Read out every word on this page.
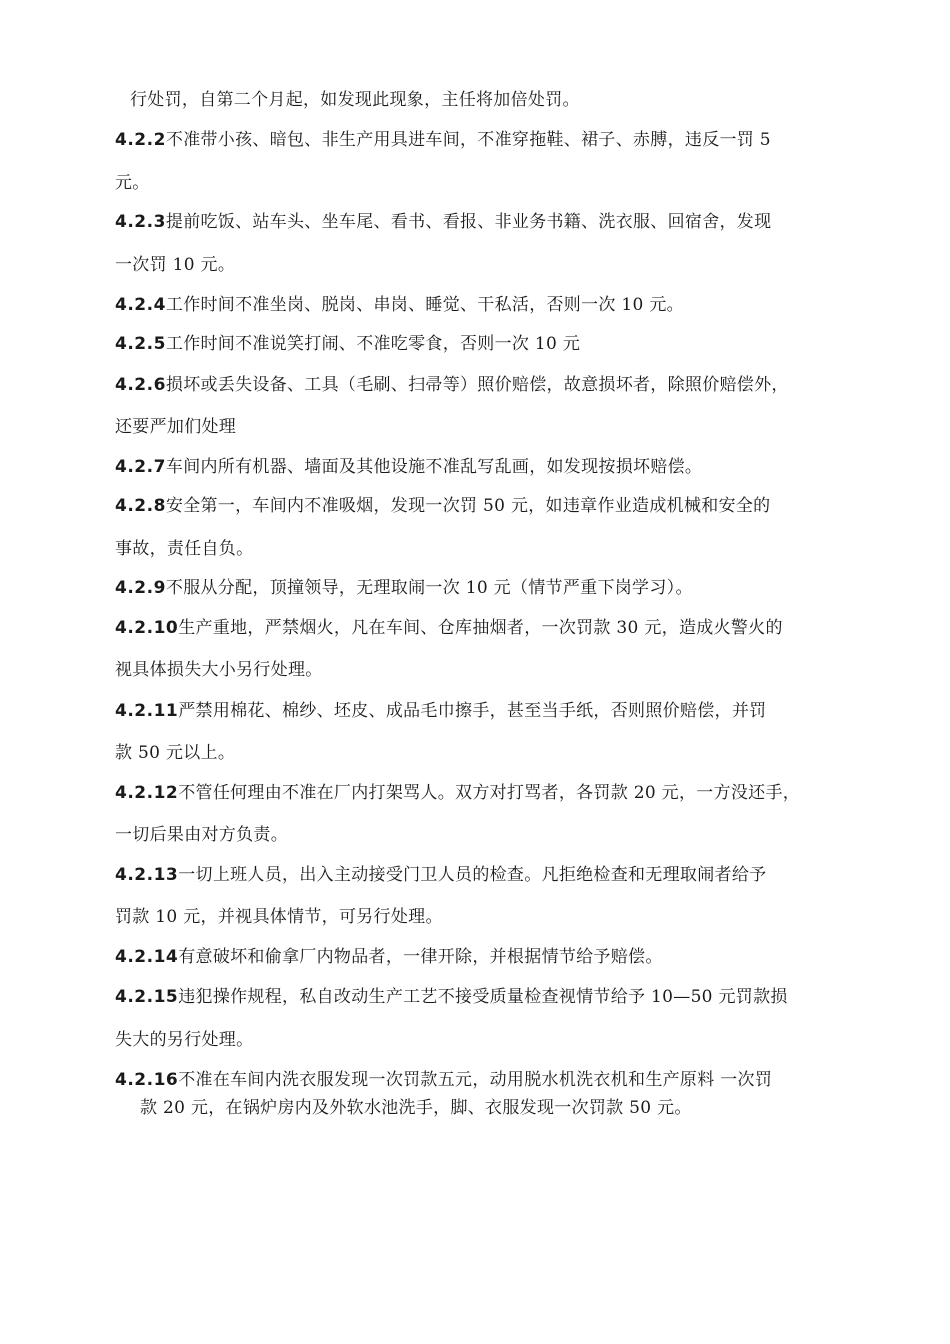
行处罚，自第二个月起，如发现此现象，主任将加倍处罚。
4.2.2不准带小孩、暗包、非生产用具进车间，不准穿拖鞋、裙子、赤膊，违反一罚 5
元。
4.2.3提前吃饭、站车头、坐车尾、看书、看报、非业务书籍、洗衣服、回宿舍，发现
一次罚 10 元。
4.2.4工作时间不准坐岗、脱岗、串岗、睡觉、干私活，否则一次 10 元。
4.2.5工作时间不准说笑打闹、不准吃零食，否则一次 10 元
4.2.6损坏或丢失设备、工具（毛刷、扫帚等）照价赔偿，故意损坏者，除照价赔偿外，
还要严加们处理
4.2.7车间内所有机器、墙面及其他设施不准乱写乱画，如发现按损坏赔偿。
4.2.8安全第一，车间内不准吸烟，发现一次罚 50 元，如违章作业造成机械和安全的
事故，责任自负。
4.2.9不服从分配，顶撞领导，无理取闹一次 10 元（情节严重下岗学习）。
4.2.10生产重地，严禁烟火，凡在车间、仓库抽烟者，一次罚款 30 元，造成火警火的
视具体损失大小另行处理。
4.2.11严禁用棉花、棉纱、坯皮、成品毛巾擦手，甚至当手纸，否则照价赔偿，并罚
款 50 元以上。
4.2.12不管任何理由不准在厂内打架骂人。双方对打骂者，各罚款 20 元，一方没还手，
一切后果由对方负责。
4.2.13一切上班人员，出入主动接受门卫人员的检查。凡拒绝检查和无理取闹者给予
罚款 10 元，并视具体情节，可另行处理。
4.2.14有意破坏和偷拿厂内物品者，一律开除，并根据情节给予赔偿。
4.2.15违犯操作规程，私自改动生产工艺不接受质量检查视情节给予 10—50 元罚款损
失大的另行处理。
4.2.16不准在车间内洗衣服发现一次罚款五元，动用脱水机洗衣机和生产原料 一次罚
款 20 元，在锅炉房内及外软水池洗手，脚、衣服发现一次罚款 50 元。
